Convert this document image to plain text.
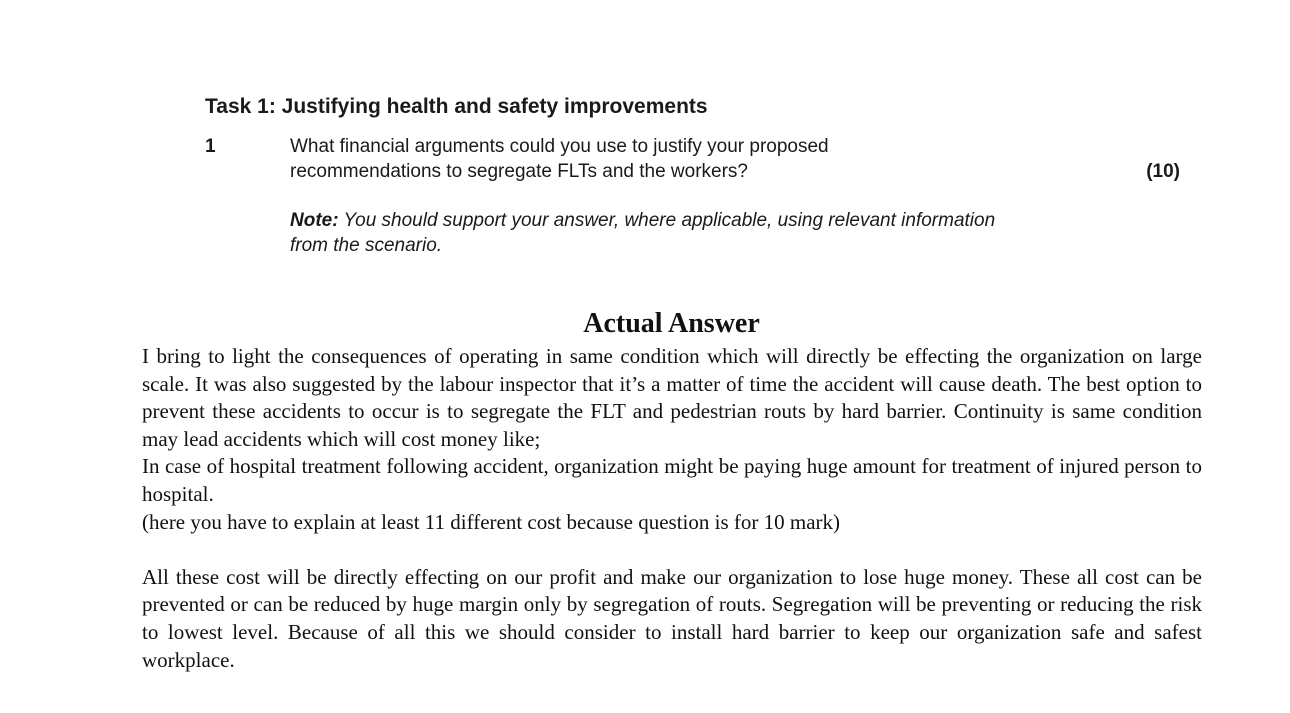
Task 1: Justifying health and safety improvements
1	What financial arguments could you use to justify your proposed recommendations to segregate FLTs and the workers?	(10)
Note: You should support your answer, where applicable, using relevant information from the scenario.
Actual Answer

I bring to light the consequences of operating in same condition which will directly be effecting the organization on large scale. It was also suggested by the labour inspector that it’s a matter of time the accident will cause death. The best option to prevent these accidents to occur is to segregate the FLT and pedestrian routs by hard barrier. Continuity is same condition may lead accidents which will cost money like;

In case of hospital treatment following accident, organization might be paying huge amount for treatment of injured person to hospital.

(here you have to explain at least 11 different cost because question is for 10 mark)

All these cost will be directly effecting on our profit and make our organization to lose huge money. These all cost can be prevented or can be reduced by huge margin only by segregation of routs. Segregation will be preventing or reducing the risk to lowest level. Because of all this we should consider to install hard barrier to keep our organization safe and safest workplace.
